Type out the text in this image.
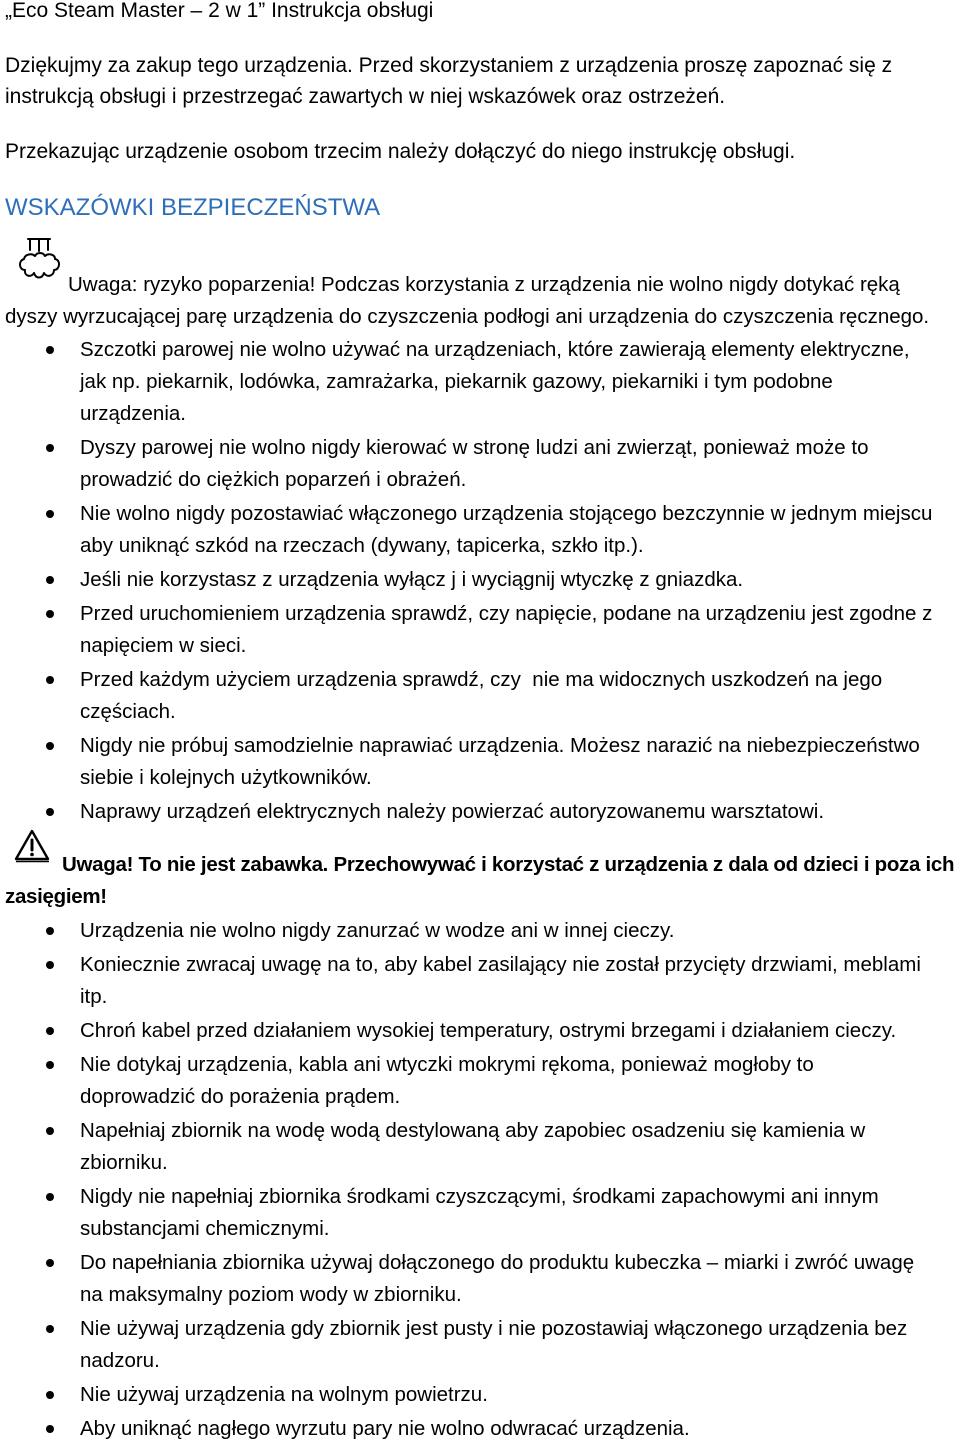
„Eco Steam Master – 2 w 1” Instrukcja obsługi
Dziękujmy za zakup tego urządzenia. Przed skorzystaniem z urządzenia proszę zapoznać się z
instrukcją obsługi i przestrzegać zawartych w niej wskazówek oraz ostrzeżeń.
Przekazując urządzenie osobom trzecim należy dołączyć do niego instrukcję obsługi.
WSKAZÓWKI BEZPIECZEŃSTWA
Uwaga: ryzyko poparzenia! Podczas korzystania z urządzenia nie wolno nigdy dotykać ręką
dyszy wyrzucającej parę urządzenia do czyszczenia podłogi ani urządzenia do czyszczenia ręcznego.
Szczotki parowej nie wolno używać na urządzeniach, które zawierają elementy elektryczne,
jak np. piekarnik, lodówka, zamrażarka, piekarnik gazowy, piekarniki i tym podobne
urządzenia.
Dyszy parowej nie wolno nigdy kierować w stronę ludzi ani zwierząt, ponieważ może to
prowadzić do ciężkich poparzeń i obrażeń.
Nie wolno nigdy pozostawiać włączonego urządzenia stojącego bezczynnie w jednym miejscu
aby uniknąć szkód na rzeczach (dywany, tapicerka, szkło itp.).
Jeśli nie korzystasz z urządzenia wyłącz j i wyciągnij wtyczkę z gniazdka.
Przed uruchomieniem urządzenia sprawdź, czy napięcie, podane na urządzeniu jest zgodne z
napięciem w sieci.
Przed każdym użyciem urządzenia sprawdź, czy  nie ma widocznych uszkodzeń na jego
częściach.
Nigdy nie próbuj samodzielnie naprawiać urządzenia. Możesz narazić na niebezpieczeństwo
siebie i kolejnych użytkowników.
Naprawy urządzeń elektrycznych należy powierzać autoryzowanemu warsztatowi.
Uwaga! To nie jest zabawka. Przechowywać i korzystać z urządzenia z dala od dzieci i poza ich
zasięgiem!
Urządzenia nie wolno nigdy zanurzać w wodze ani w innej cieczy.
Koniecznie zwracaj uwagę na to, aby kabel zasilający nie został przycięty drzwiami, meblami
itp.
Chroń kabel przed działaniem wysokiej temperatury, ostrymi brzegami i działaniem cieczy.
Nie dotykaj urządzenia, kabla ani wtyczki mokrymi rękoma, ponieważ mogłoby to
doprowadzić do porażenia prądem.
Napełniaj zbiornik na wodę wodą destylowaną aby zapobiec osadzeniu się kamienia w
zbiorniku.
Nigdy nie napełniaj zbiornika środkami czyszczącymi, środkami zapachowymi ani innym
substancjami chemicznymi.
Do napełniania zbiornika używaj dołączonego do produktu kubeczka – miarki i zwróć uwagę
na maksymalny poziom wody w zbiorniku.
Nie używaj urządzenia gdy zbiornik jest pusty i nie pozostawiaj włączonego urządzenia bez
nadzoru.
Nie używaj urządzenia na wolnym powietrzu.
Aby uniknąć nagłego wyrzutu pary nie wolno odwracać urządzenia.
